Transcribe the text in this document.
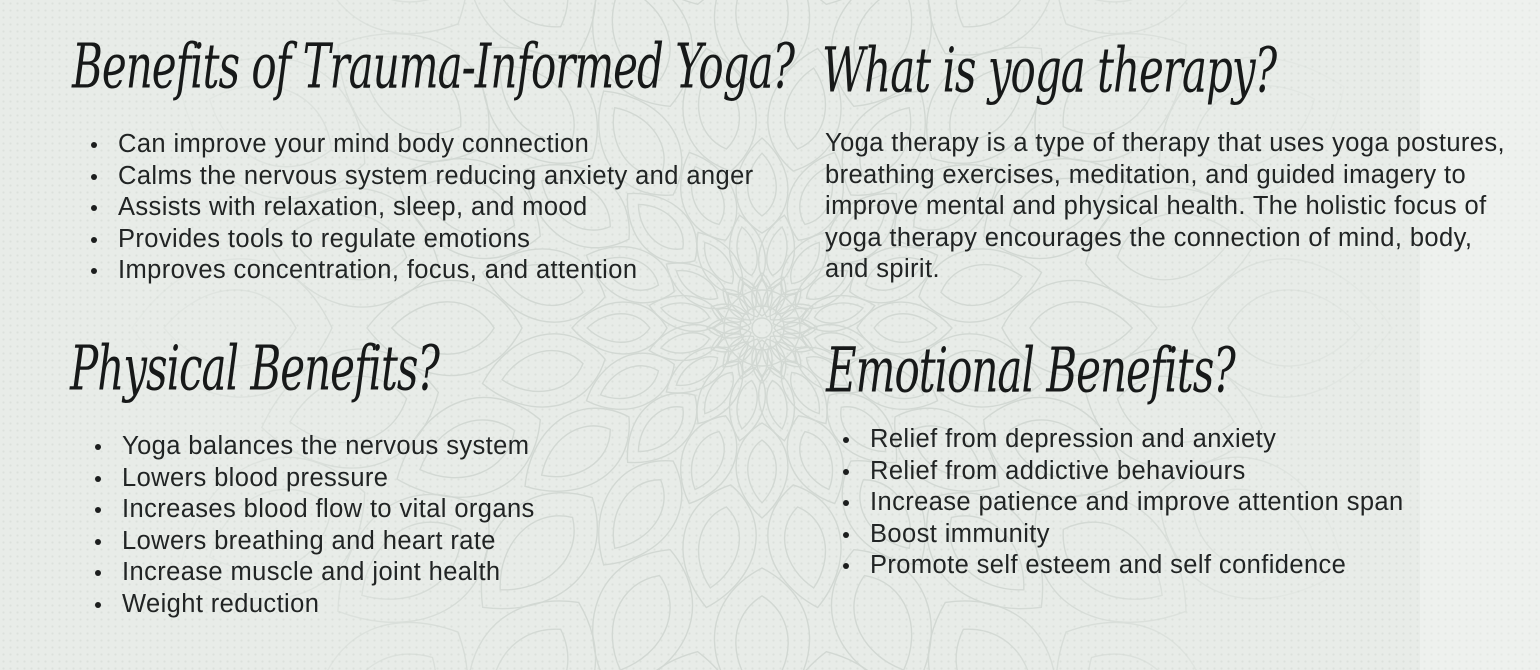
Benefits of Trauma-Informed Yoga?
Can improve your mind body connection
Calms the nervous system reducing anxiety and anger
Assists with relaxation, sleep, and mood
Provides tools to regulate emotions
Improves concentration, focus, and attention
What is yoga therapy?
Yoga therapy is a type of therapy that uses yoga postures, breathing exercises, meditation, and guided imagery to improve mental and physical health. The holistic focus of yoga therapy encourages the connection of mind, body, and spirit.
Physical Benefits?
Yoga balances the nervous system
Lowers blood pressure
Increases blood flow to vital organs
Lowers breathing and heart rate
Increase muscle and joint health
Weight reduction
Emotional Benefits?
Relief from depression and anxiety
Relief from addictive behaviours
Increase patience and improve attention span
Boost immunity
Promote self esteem and self confidence
